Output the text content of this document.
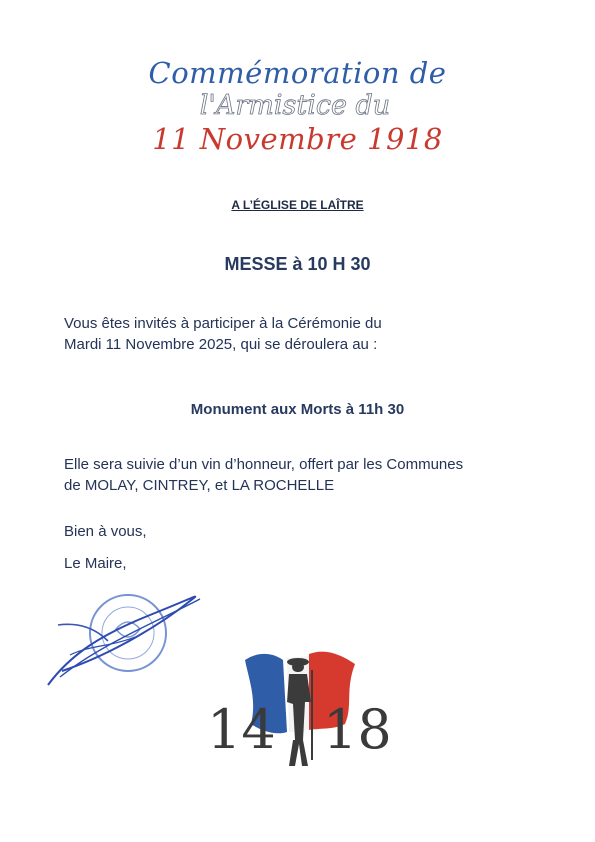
Commémoration de
l'Armistice du
11 Novembre 1918
A L’ÉGLISE DE LAÎTRE
MESSE à 10 H 30
Vous êtes invités à participer à la Cérémonie du
Mardi 11 Novembre 2025, qui se déroulera au :
Monument aux Morts à 11h 30
Elle sera suivie d’un vin d’honneur, offert par les Communes
de MOLAY, CINTREY, et LA ROCHELLE
Bien à vous,
Le Maire,
14 18
